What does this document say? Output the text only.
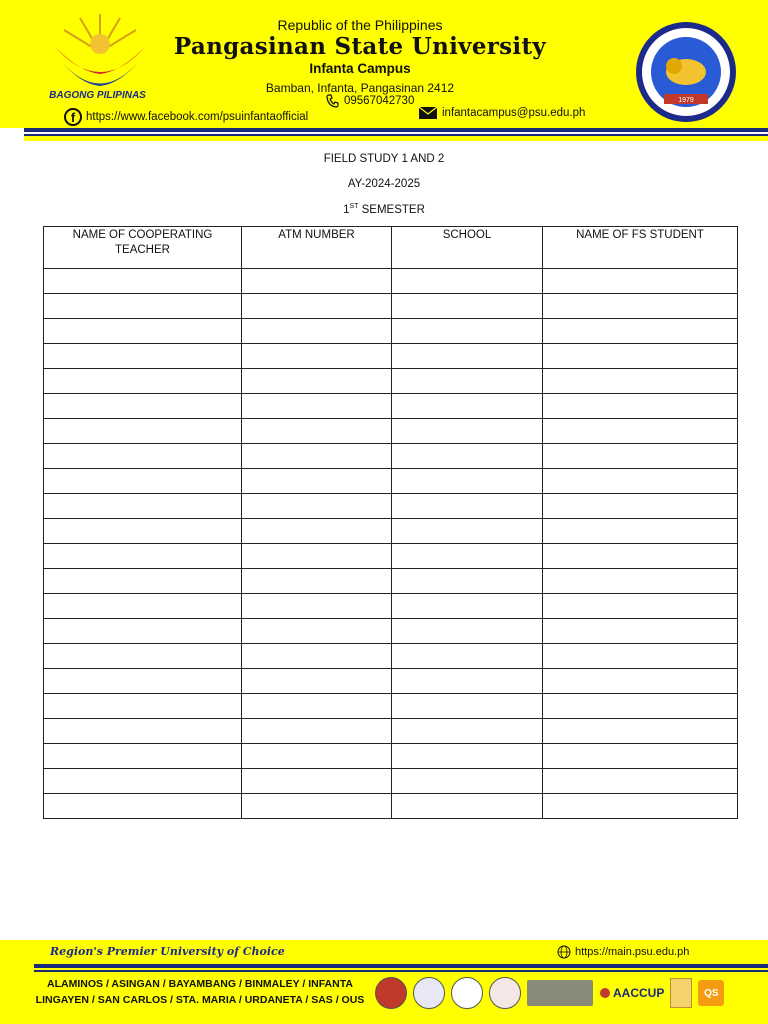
BAGONG PILIPINAS
Republic of the Philippines
Pangasinan State University
Infanta Campus
Bamban, Infanta, Pangasinan 2412
09567042730
f https://www.facebook.com/psuinfantaofficial	infantacampus@psu.edu.ph
1979
FIELD STUDY 1 AND 2
AY-2024-2025
1ST SEMESTER
NAME OF COOPERATING TEACHER	ATM NUMBER	SCHOOL	NAME OF FS STUDENT

Region's Premier University of Choice	https://main.psu.edu.ph
ALAMINOS / ASINGAN / BAYAMBANG / BINMALEY / INFANTA
LINGAYEN / SAN CARLOS / STA. MARIA / URDANETA / SAS / OUS	AACCUP	QS
